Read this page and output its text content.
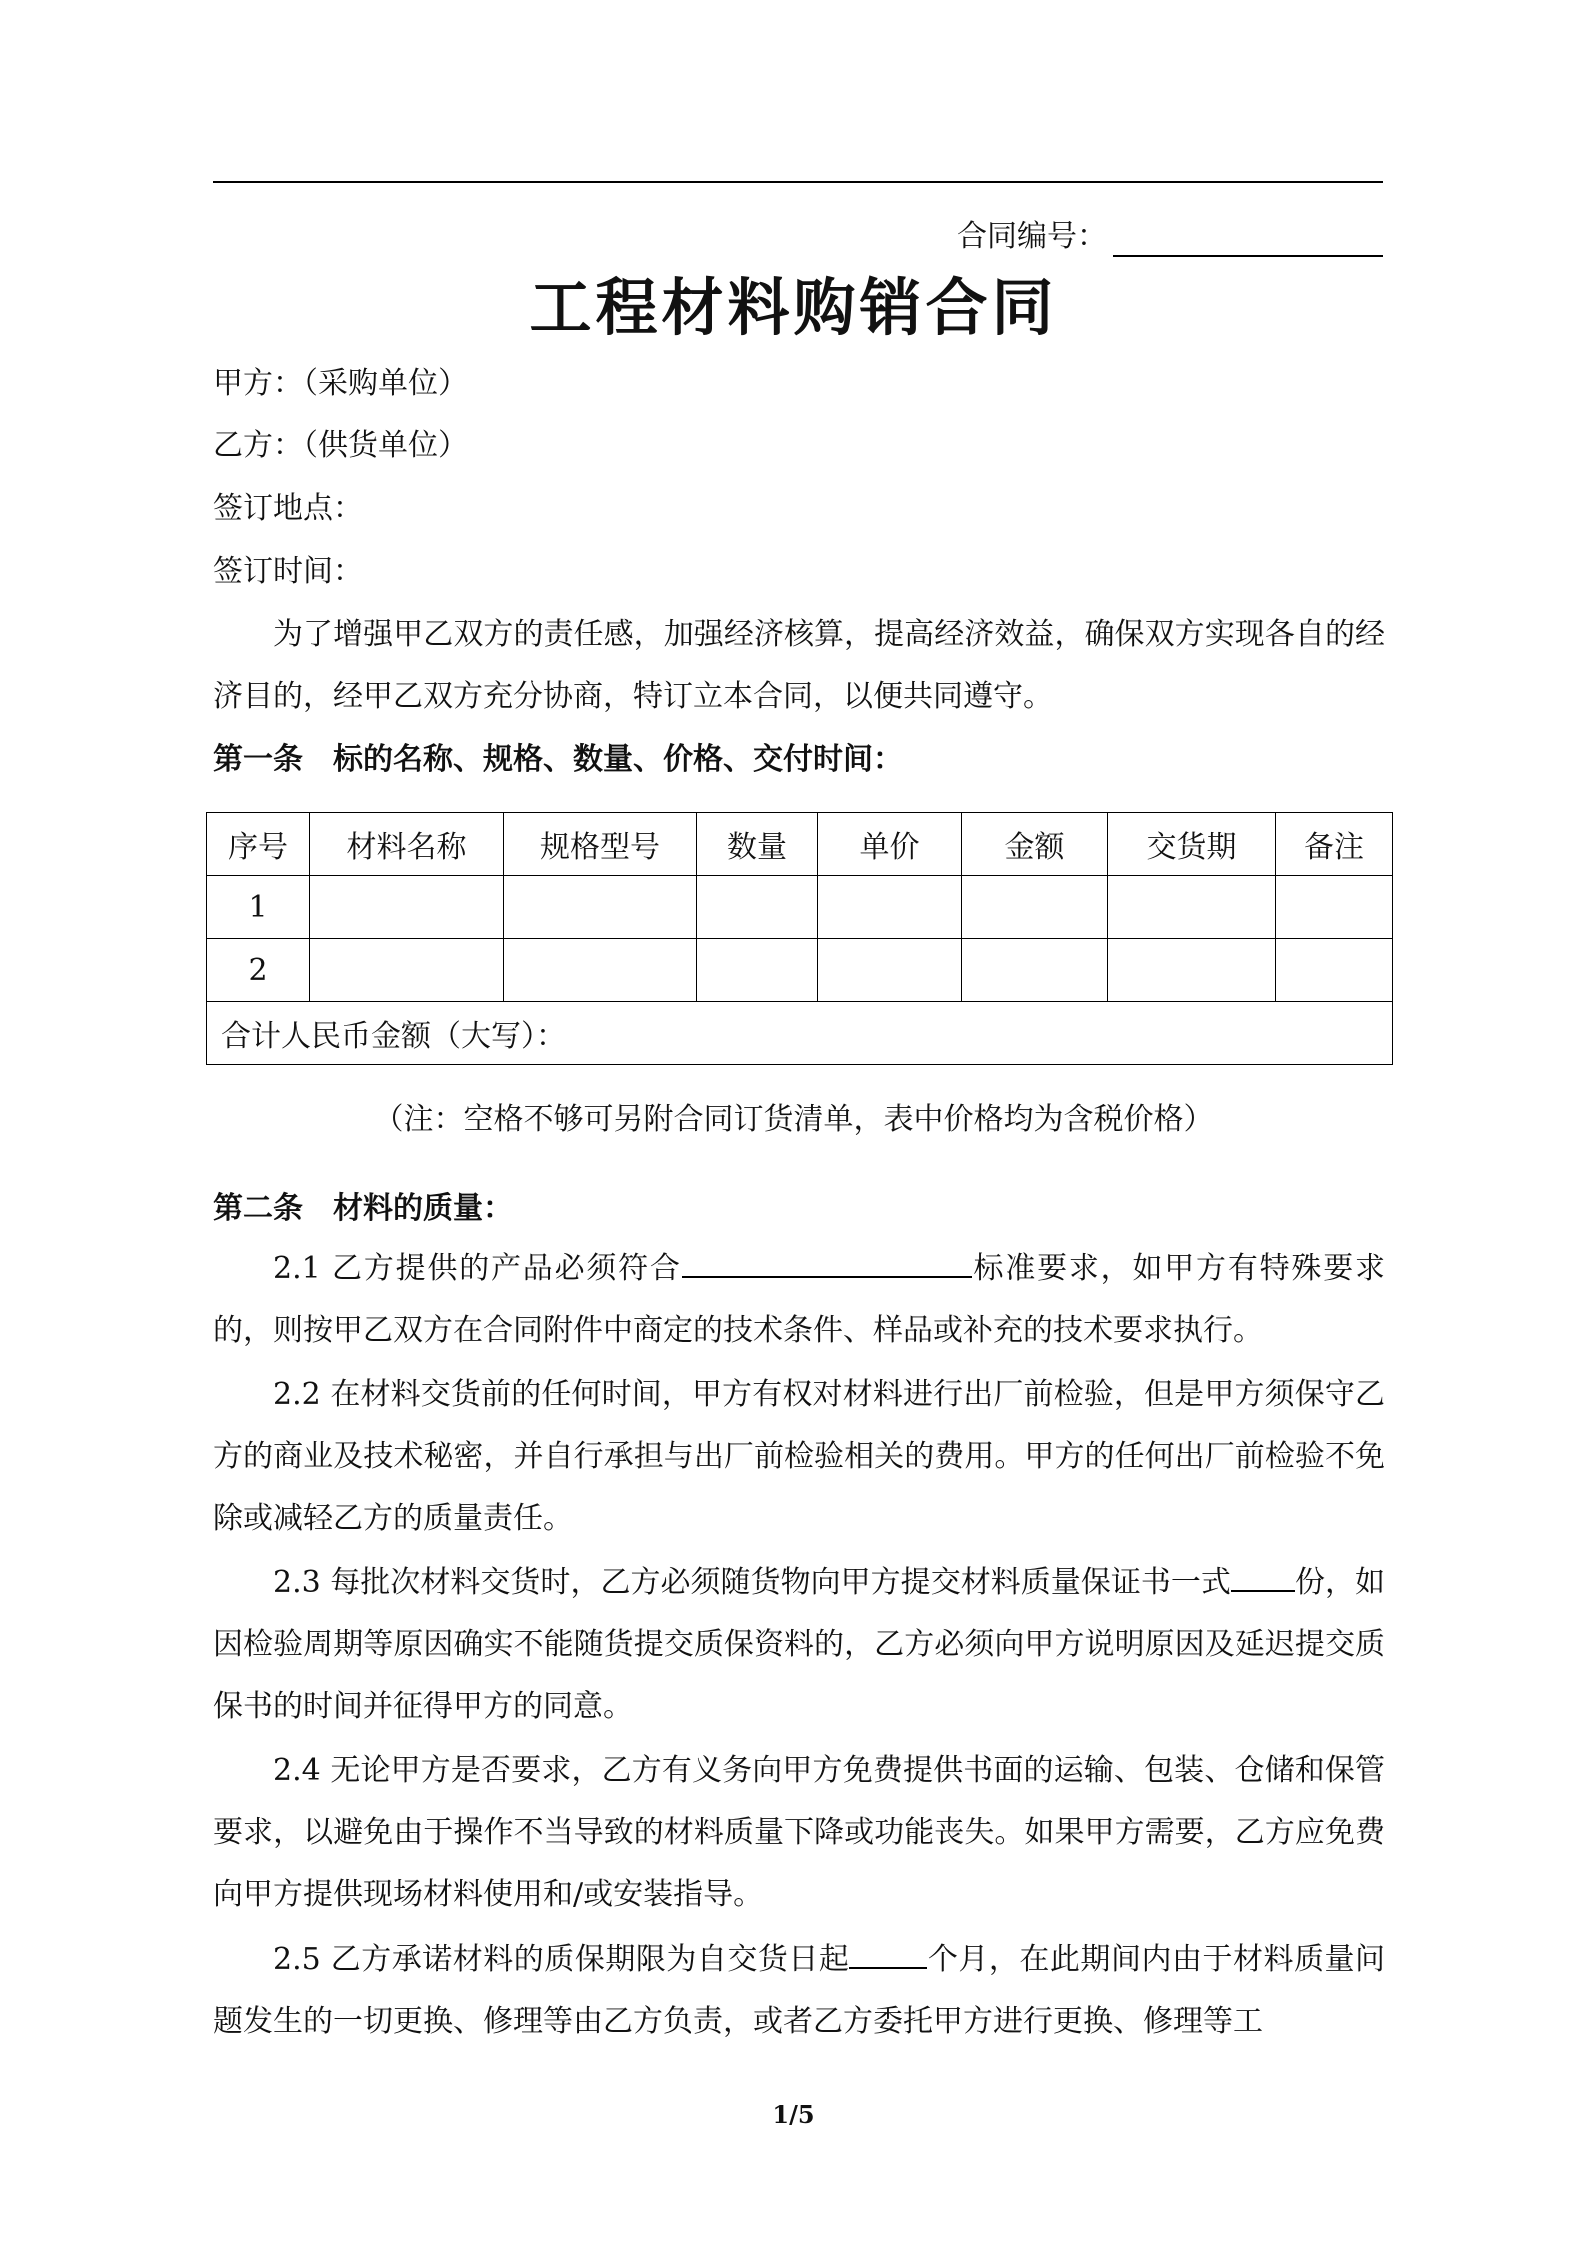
合同编号：
工程材料购销合同
甲方：（采购单位）
乙方：（供货单位）
签订地点：
签订时间：
为了增强甲乙双方的责任感，加强经济核算，提高经济效益，确保双方实现各自的经济目的，经甲乙双方充分协商，特订立本合同，以便共同遵守。
第一条 标的名称、规格、数量、价格、交付时间：
序号	材料名称	规格型号	数量	单价	金额	交货期	备注
1							
2							
合计人民币金额（大写）：							
（注：空格不够可另附合同订货清单，表中价格均为含税价格）
第二条 材料的质量：
2.1 乙方提供的产品必须符合	标准要求，如甲方有特殊要求的，则按甲乙双方在合同附件中商定的技术条件、样品或补充的技术要求执行。
2.2 在材料交货前的任何时间，甲方有权对材料进行出厂前检验，但是甲方须保守乙方的商业及技术秘密，并自行承担与出厂前检验相关的费用。甲方的任何出厂前检验不免除或减轻乙方的质量责任。
2.3 每批次材料交货时，乙方必须随货物向甲方提交材料质量保证书一式 份，如因检验周期等原因确实不能随货提交质保资料的，乙方必须向甲方说明原因及延迟提交质保书的时间并征得甲方的同意。
2.4 无论甲方是否要求，乙方有义务向甲方免费提供书面的运输、包装、仓储和保管要求，以避免由于操作不当导致的材料质量下降或功能丧失。如果甲方需要，乙方应免费向甲方提供现场材料使用和/或安装指导。
2.5 乙方承诺材料的质保期限为自交货日起	个月，在此期间内由于材料质量问题发生的一切更换、修理等由乙方负责，或者乙方委托甲方进行更换、修理等工
1/5
